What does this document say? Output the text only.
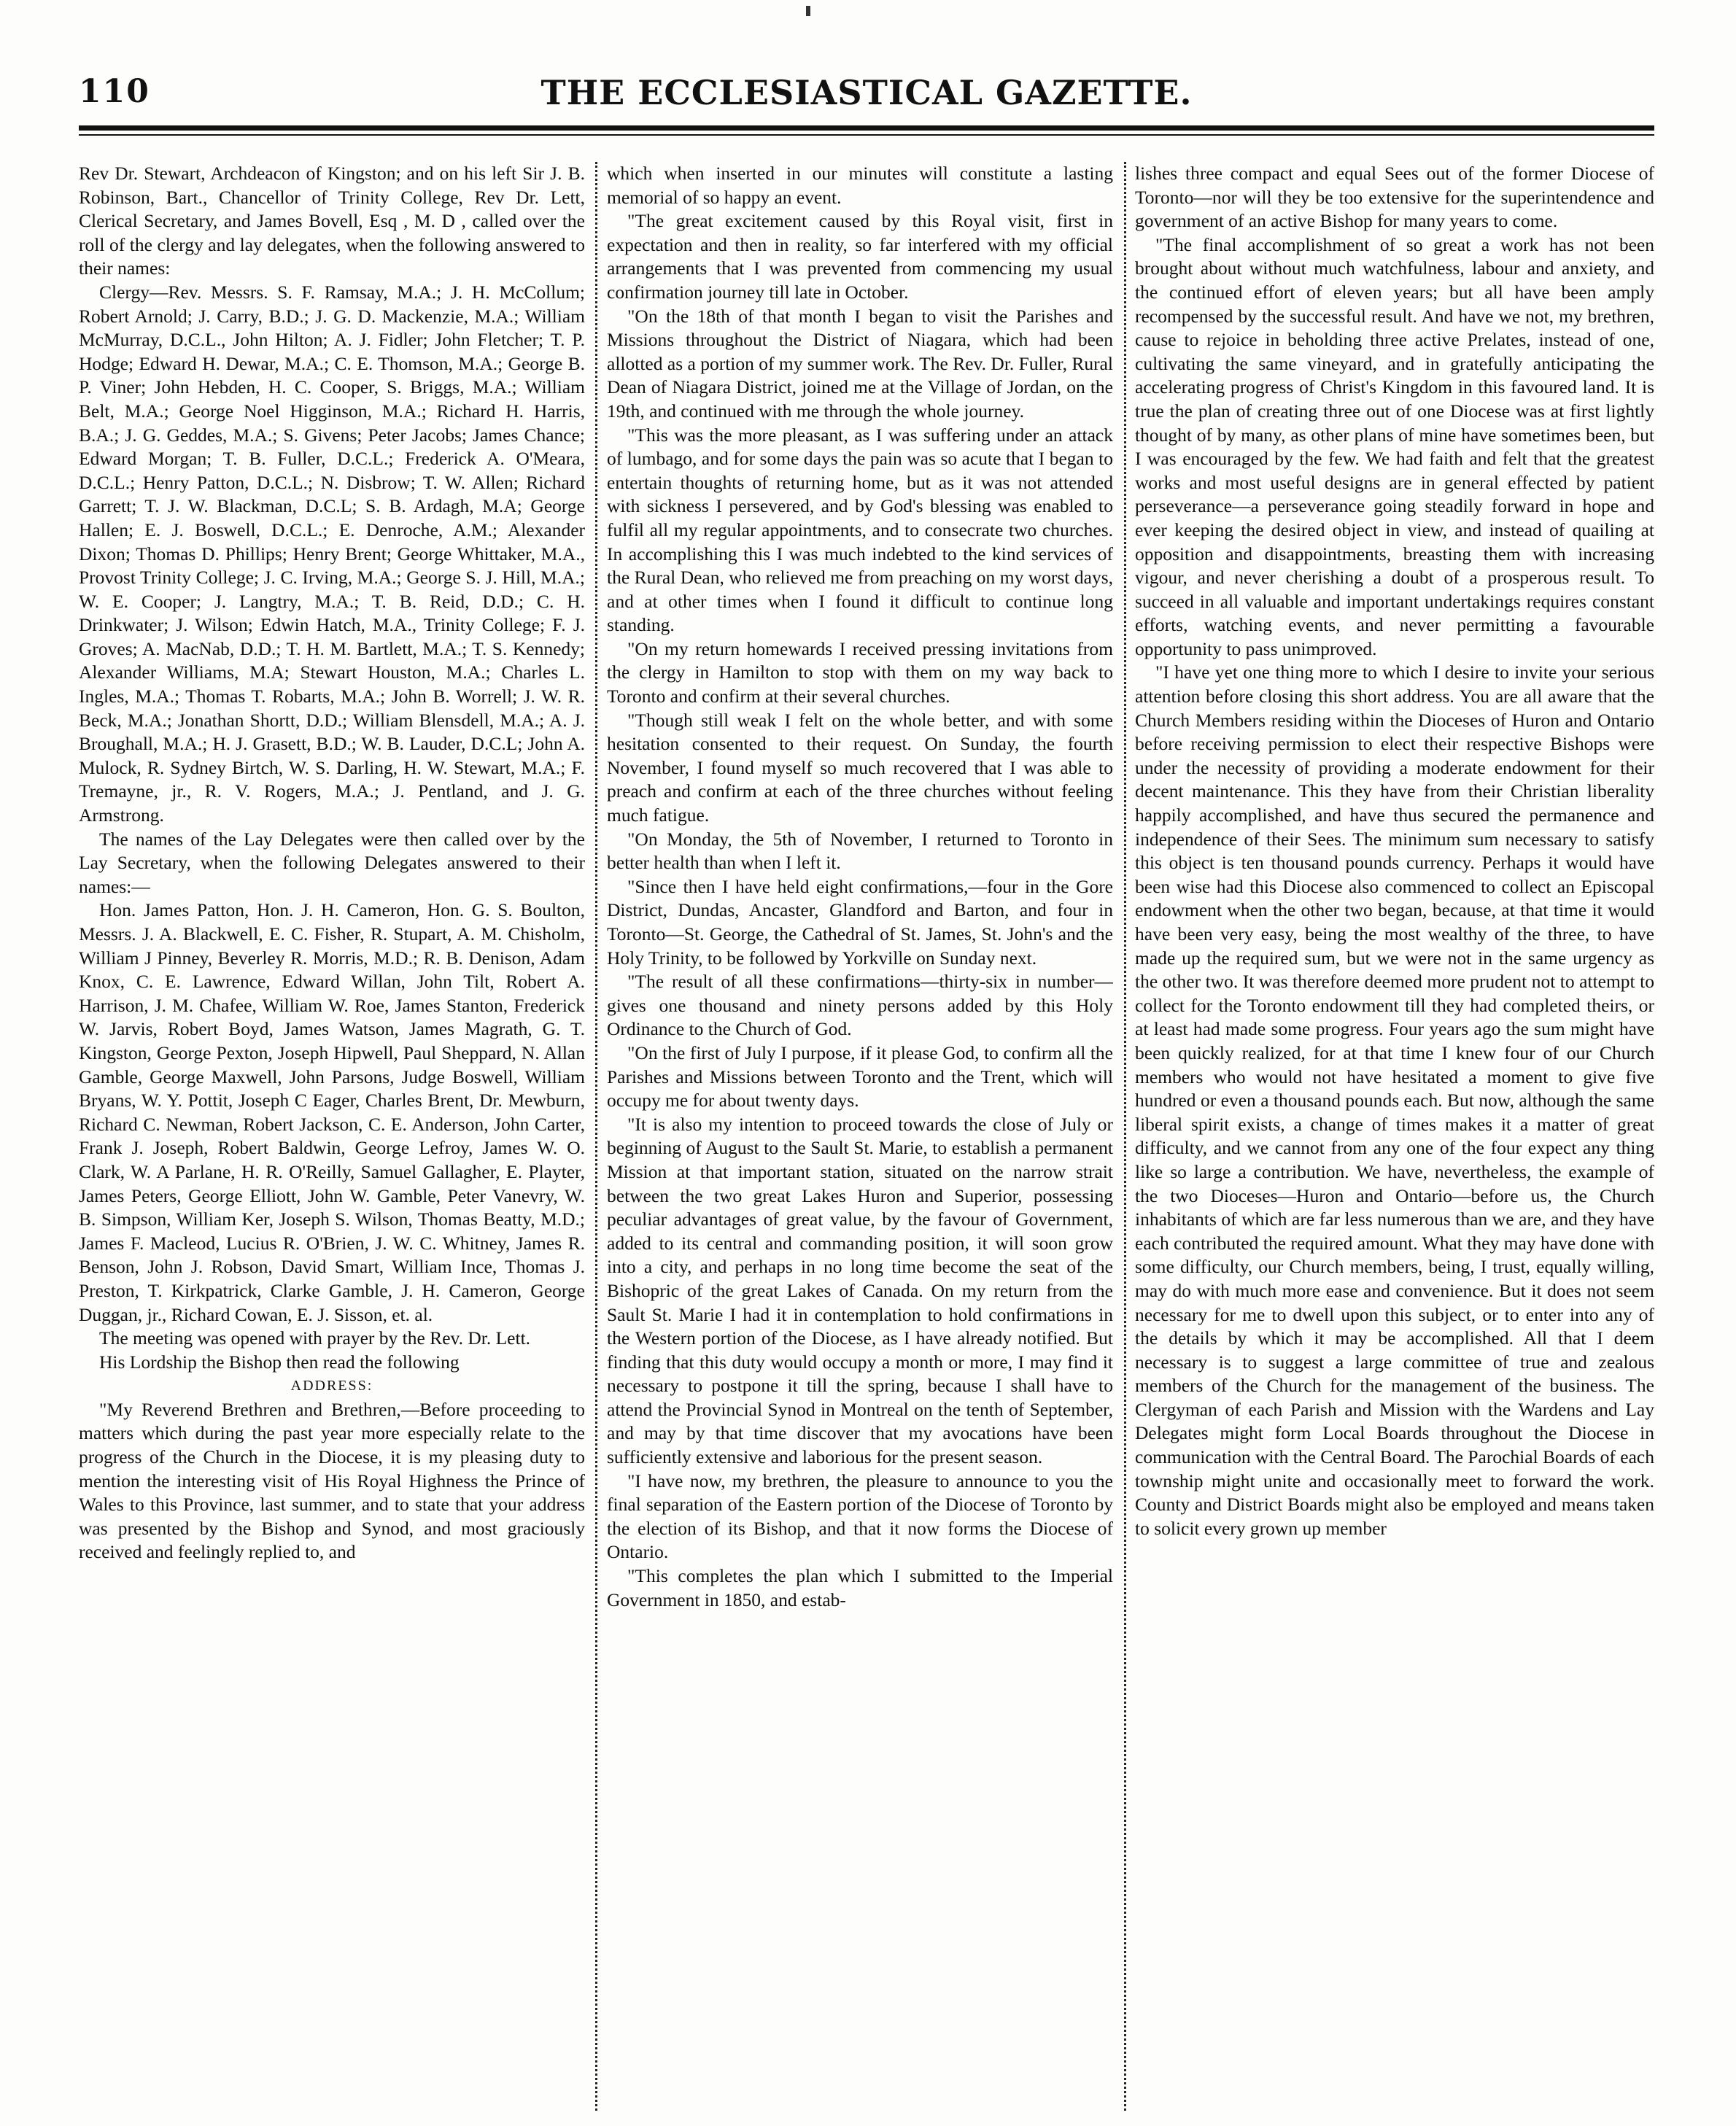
110	THE ECCLESIASTICAL GAZETTE.

Rev Dr. Stewart, Archdeacon of Kingston; and on his left Sir J. B. Robinson, Bart., Chancellor of Trinity College, Rev Dr. Lett, Clerical Secretary, and James Bovell, Esq , M. D , called over the roll of the clergy and lay delegates, when the following answered to their names:

Clergy—Rev. Messrs. S. F. Ramsay, M.A.; J. H. McCollum; Robert Arnold; J. Carry, B.D.; J. G. D. Mackenzie, M.A.; William McMurray, D.C.L., John Hilton; A. J. Fidler; John Fletcher; T. P. Hodge; Edward H. Dewar, M.A.; C. E. Thomson, M.A.; George B. P. Viner; John Hebden, H. C. Cooper, S. Briggs, M.A.; William Belt, M.A.; George Noel Higginson, M.A.; Richard H. Harris, B.A.; J. G. Geddes, M.A.; S. Givens; Peter Jacobs; James Chance; Edward Morgan; T. B. Fuller, D.C.L.; Frederick A. O'Meara, D.C.L.; Henry Patton, D.C.L.; N. Disbrow; T. W. Allen; Richard Garrett; T. J. W. Blackman, D.C.L; S. B. Ardagh, M.A; George Hallen; E. J. Boswell, D.C.L.; E. Denroche, A.M.; Alexander Dixon; Thomas D. Phillips; Henry Brent; George Whittaker, M.A., Provost Trinity College; J. C. Irving, M.A.; George S. J. Hill, M.A.; W. E. Cooper; J. Langtry, M.A.; T. B. Reid, D.D.; C. H. Drinkwater; J. Wilson; Edwin Hatch, M.A., Trinity College; F. J. Groves; A. MacNab, D.D.; T. H. M. Bartlett, M.A.; T. S. Kennedy; Alexander Williams, M.A; Stewart Houston, M.A.; Charles L. Ingles, M.A.; Thomas T. Robarts, M.A.; John B. Worrell; J. W. R. Beck, M.A.; Jonathan Shortt, D.D.; William Blensdell, M.A.; A. J. Broughall, M.A.; H. J. Grasett, B.D.; W. B. Lauder, D.C.L; John A. Mulock, R. Sydney Birtch, W. S. Darling, H. W. Stewart, M.A.; F. Tremayne, jr., R. V. Rogers, M.A.; J. Pentland, and J. G. Armstrong.

The names of the Lay Delegates were then called over by the Lay Secretary, when the following Delegates answered to their names:—

Hon. James Patton, Hon. J. H. Cameron, Hon. G. S. Boulton, Messrs. J. A. Blackwell, E. C. Fisher, R. Stupart, A. M. Chisholm, William J Pinney, Beverley R. Morris, M.D.; R. B. Denison, Adam Knox, C. E. Lawrence, Edward Willan, John Tilt, Robert A. Harrison, J. M. Chafee, William W. Roe, James Stanton, Frederick W. Jarvis, Robert Boyd, James Watson, James Magrath, G. T. Kingston, George Pexton, Joseph Hipwell, Paul Sheppard, N. Allan Gamble, George Maxwell, John Parsons, Judge Boswell, William Bryans, W. Y. Pottit, Joseph C Eager, Charles Brent, Dr. Mewburn, Richard C. Newman, Robert Jackson, C. E. Anderson, John Carter, Frank J. Joseph, Robert Baldwin, George Lefroy, James W. O. Clark, W. A Parlane, H. R. O'Reilly, Samuel Gallagher, E. Playter, James Peters, George Elliott, John W. Gamble, Peter Vanevry, W. B. Simpson, William Ker, Joseph S. Wilson, Thomas Beatty, M.D.; James F. Macleod, Lucius R. O'Brien, J. W. C. Whitney, James R. Benson, John J. Robson, David Smart, William Ince, Thomas J. Preston, T. Kirkpatrick, Clarke Gamble, J. H. Cameron, George Duggan, jr., Richard Cowan, E. J. Sisson, et. al.

The meeting was opened with prayer by the Rev. Dr. Lett.

His Lordship the Bishop then read the following

ADDRESS:

"My Reverend Brethren and Brethren,—Before proceeding to matters which during the past year more especially relate to the progress of the Church in the Diocese, it is my pleasing duty to mention the interesting visit of His Royal Highness the Prince of Wales to this Province, last summer, and to state that your address was presented by the Bishop and Synod, and most graciously received and feelingly replied to, and

which when inserted in our minutes will constitute a lasting memorial of so happy an event.

"The great excitement caused by this Royal visit, first in expectation and then in reality, so far interfered with my official arrangements that I was prevented from commencing my usual confirmation journey till late in October.

"On the 18th of that month I began to visit the Parishes and Missions throughout the District of Niagara, which had been allotted as a portion of my summer work. The Rev. Dr. Fuller, Rural Dean of Niagara District, joined me at the Village of Jordan, on the 19th, and continued with me through the whole journey.

"This was the more pleasant, as I was suffering under an attack of lumbago, and for some days the pain was so acute that I began to entertain thoughts of returning home, but as it was not attended with sickness I persevered, and by God's blessing was enabled to fulfil all my regular appointments, and to consecrate two churches. In accomplishing this I was much indebted to the kind services of the Rural Dean, who relieved me from preaching on my worst days, and at other times when I found it difficult to continue long standing.

"On my return homewards I received pressing invitations from the clergy in Hamilton to stop with them on my way back to Toronto and confirm at their several churches.

"Though still weak I felt on the whole better, and with some hesitation consented to their request. On Sunday, the fourth November, I found myself so much recovered that I was able to preach and confirm at each of the three churches without feeling much fatigue.

"On Monday, the 5th of November, I returned to Toronto in better health than when I left it.

"Since then I have held eight confirmations,—four in the Gore District, Dundas, Ancaster, Glandford and Barton, and four in Toronto—St. George, the Cathedral of St. James, St. John's and the Holy Trinity, to be followed by Yorkville on Sunday next.

"The result of all these confirmations—thirty-six in number—gives one thousand and ninety persons added by this Holy Ordinance to the Church of God.

"On the first of July I purpose, if it please God, to confirm all the Parishes and Missions between Toronto and the Trent, which will occupy me for about twenty days.

"It is also my intention to proceed towards the close of July or beginning of August to the Sault St. Marie, to establish a permanent Mission at that important station, situated on the narrow strait between the two great Lakes Huron and Superior, possessing peculiar advantages of great value, by the favour of Government, added to its central and commanding position, it will soon grow into a city, and perhaps in no long time become the seat of the Bishopric of the great Lakes of Canada. On my return from the Sault St. Marie I had it in contemplation to hold confirmations in the Western portion of the Diocese, as I have already notified. But finding that this duty would occupy a month or more, I may find it necessary to postpone it till the spring, because I shall have to attend the Provincial Synod in Montreal on the tenth of September, and may by that time discover that my avocations have been sufficiently extensive and laborious for the present season.

"I have now, my brethren, the pleasure to announce to you the final separation of the Eastern portion of the Diocese of Toronto by the election of its Bishop, and that it now forms the Diocese of Ontario.

"This completes the plan which I submitted to the Imperial Government in 1850, and estab-

lishes three compact and equal Sees out of the former Diocese of Toronto—nor will they be too extensive for the superintendence and government of an active Bishop for many years to come.

"The final accomplishment of so great a work has not been brought about without much watchfulness, labour and anxiety, and the continued effort of eleven years; but all have been amply recompensed by the successful result. And have we not, my brethren, cause to rejoice in beholding three active Prelates, instead of one, cultivating the same vineyard, and in gratefully anticipating the accelerating progress of Christ's Kingdom in this favoured land. It is true the plan of creating three out of one Diocese was at first lightly thought of by many, as other plans of mine have sometimes been, but I was encouraged by the few. We had faith and felt that the greatest works and most useful designs are in general effected by patient perseverance—a perseverance going steadily forward in hope and ever keeping the desired object in view, and instead of quailing at opposition and disappointments, breasting them with increasing vigour, and never cherishing a doubt of a prosperous result. To succeed in all valuable and important undertakings requires constant efforts, watching events, and never permitting a favourable opportunity to pass unimproved.

"I have yet one thing more to which I desire to invite your serious attention before closing this short address. You are all aware that the Church Members residing within the Dioceses of Huron and Ontario before receiving permission to elect their respective Bishops were under the necessity of providing a moderate endowment for their decent maintenance. This they have from their Christian liberality happily accomplished, and have thus secured the permanence and independence of their Sees. The minimum sum necessary to satisfy this object is ten thousand pounds currency. Perhaps it would have been wise had this Diocese also commenced to collect an Episcopal endowment when the other two began, because, at that time it would have been very easy, being the most wealthy of the three, to have made up the required sum, but we were not in the same urgency as the other two. It was therefore deemed more prudent not to attempt to collect for the Toronto endowment till they had completed theirs, or at least had made some progress. Four years ago the sum might have been quickly realized, for at that time I knew four of our Church members who would not have hesitated a moment to give five hundred or even a thousand pounds each. But now, although the same liberal spirit exists, a change of times makes it a matter of great difficulty, and we cannot from any one of the four expect any thing like so large a contribution. We have, nevertheless, the example of the two Dioceses—Huron and Ontario—before us, the Church inhabitants of which are far less numerous than we are, and they have each contributed the required amount. What they may have done with some difficulty, our Church members, being, I trust, equally willing, may do with much more ease and convenience. But it does not seem necessary for me to dwell upon this subject, or to enter into any of the details by which it may be accomplished. All that I deem necessary is to suggest a large committee of true and zealous members of the Church for the management of the business. The Clergyman of each Parish and Mission with the Wardens and Lay Delegates might form Local Boards throughout the Diocese in communication with the Central Board. The Parochial Boards of each township might unite and occasionally meet to forward the work. County and District Boards might also be employed and means taken to solicit every grown up member
